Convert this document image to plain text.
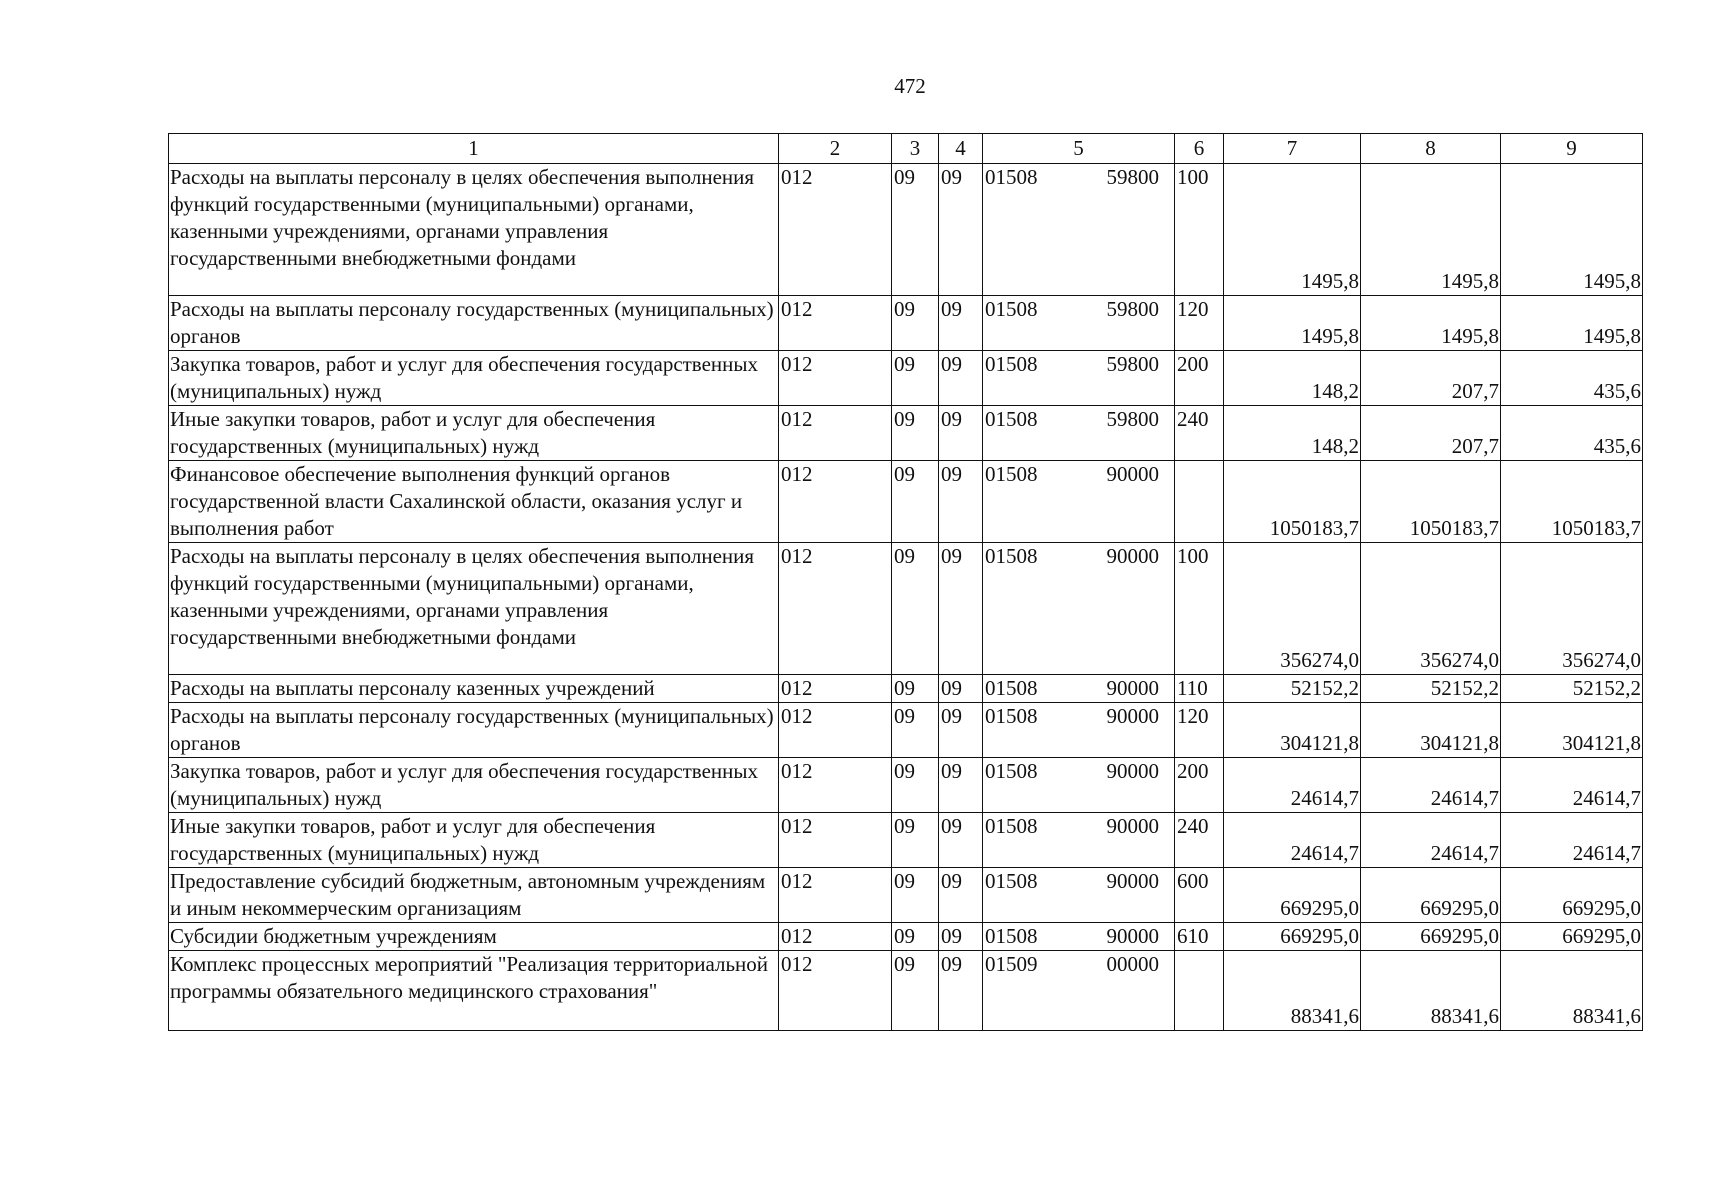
472
1	2	3	4	5	6	7	8	9
Расходы на выплаты персоналу в целях обеспечения выполнения функций государственными (муниципальными) органами, казенными учреждениями, органами управления государственными внебюджетными фондами	012	09	09	01508 59800	100	1495,8	1495,8	1495,8
Расходы на выплаты персоналу государственных (муниципальных) органов	012	09	09	01508 59800	120	1495,8	1495,8	1495,8
Закупка товаров, работ и услуг для обеспечения государственных (муниципальных) нужд	012	09	09	01508 59800	200	148,2	207,7	435,6
Иные закупки товаров, работ и услуг для обеспечения государственных (муниципальных) нужд	012	09	09	01508 59800	240	148,2	207,7	435,6
Финансовое обеспечение выполнения функций органов государственной власти Сахалинской области, оказания услуг и выполнения работ	012	09	09	01508 90000		1050183,7	1050183,7	1050183,7
Расходы на выплаты персоналу в целях обеспечения выполнения функций государственными (муниципальными) органами, казенными учреждениями, органами управления государственными внебюджетными фондами	012	09	09	01508 90000	100	356274,0	356274,0	356274,0
Расходы на выплаты персоналу казенных учреждений	012	09	09	01508 90000	110	52152,2	52152,2	52152,2
Расходы на выплаты персоналу государственных (муниципальных) органов	012	09	09	01508 90000	120	304121,8	304121,8	304121,8
Закупка товаров, работ и услуг для обеспечения государственных (муниципальных) нужд	012	09	09	01508 90000	200	24614,7	24614,7	24614,7
Иные закупки товаров, работ и услуг для обеспечения государственных (муниципальных) нужд	012	09	09	01508 90000	240	24614,7	24614,7	24614,7
Предоставление субсидий бюджетным, автономным учреждениям и иным некоммерческим организациям	012	09	09	01508 90000	600	669295,0	669295,0	669295,0
Субсидии бюджетным учреждениям	012	09	09	01508 90000	610	669295,0	669295,0	669295,0
Комплекс процессных мероприятий "Реализация территориальной программы обязательного медицинского страхования"	012	09	09	01509 00000		88341,6	88341,6	88341,6
